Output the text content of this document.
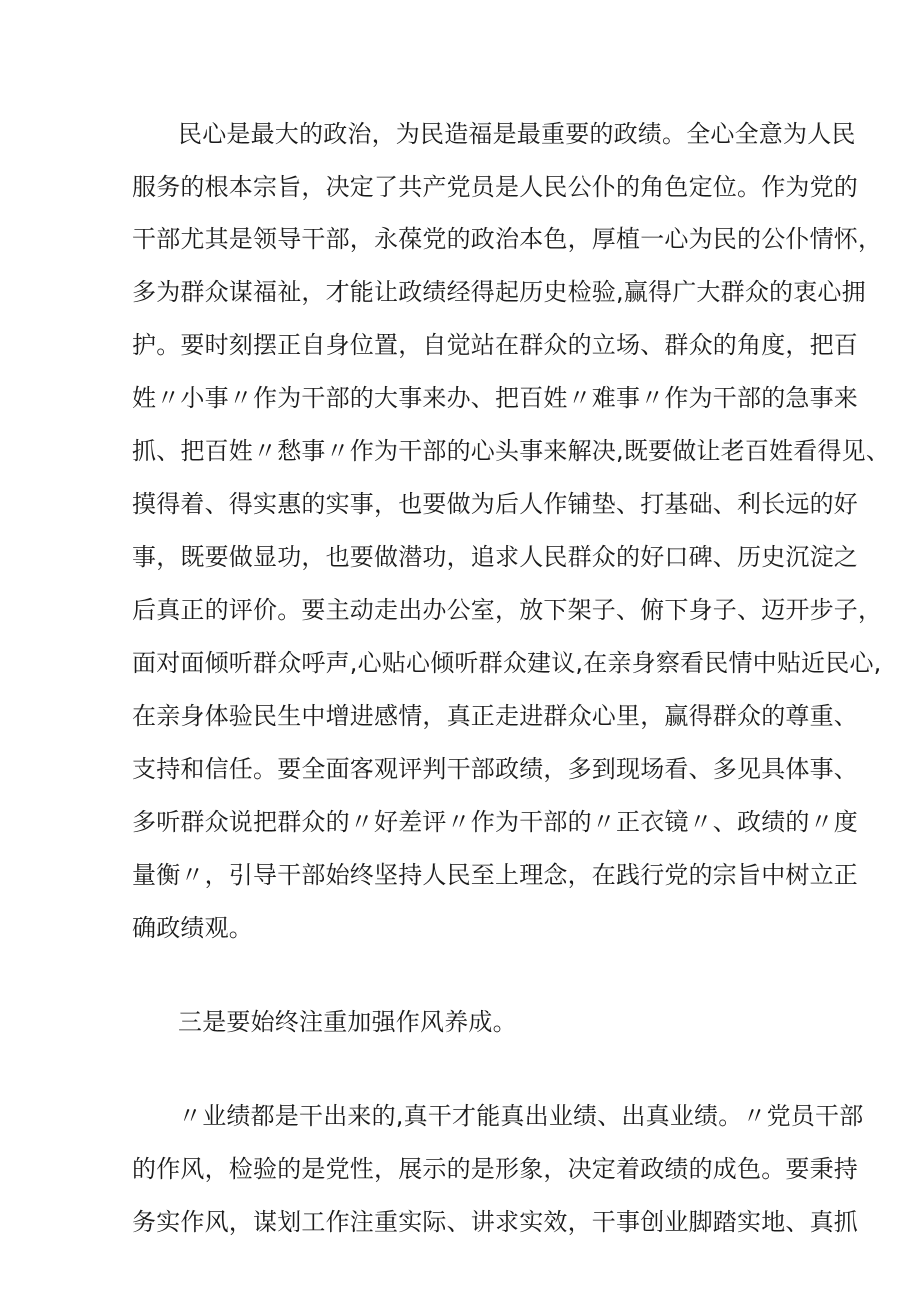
民心是最大的政治，为民造福是最重要的政绩。全心全意为人民
服务的根本宗旨，决定了共产党员是人民公仆的角色定位。作为党的
干部尤其是领导干部，永葆党的政治本色，厚植一心为民的公仆情怀，
多为群众谋福祉，才能让政绩经得起历史检验,赢得广大群众的衷心拥
护。要时刻摆正自身位置，自觉站在群众的立场、群众的角度，把百
姓〃小事〃作为干部的大事来办、把百姓〃难事〃作为干部的急事来
抓、把百姓〃愁事〃作为干部的心头事来解决,既要做让老百姓看得见、
摸得着、得实惠的实事，也要做为后人作铺垫、打基础、利长远的好
事，既要做显功，也要做潜功，追求人民群众的好口碑、历史沉淀之
后真正的评价。要主动走出办公室，放下架子、俯下身子、迈开步子，
面对面倾听群众呼声,心贴心倾听群众建议,在亲身察看民情中贴近民心,
在亲身体验民生中增进感情，真正走进群众心里，赢得群众的尊重、
支持和信任。要全面客观评判干部政绩，多到现场看、多见具体事、
多听群众说把群众的〃好差评〃作为干部的〃正衣镜〃、政绩的〃度
量衡〃，引导干部始终坚持人民至上理念，在践行党的宗旨中树立正
确政绩观。
三是要始终注重加强作风养成。
〃业绩都是干出来的,真干才能真出业绩、出真业绩。〃党员干部
的作风，检验的是党性，展示的是形象，决定着政绩的成色。要秉持
务实作风，谋划工作注重实际、讲求实效，干事创业脚踏实地、真抓
